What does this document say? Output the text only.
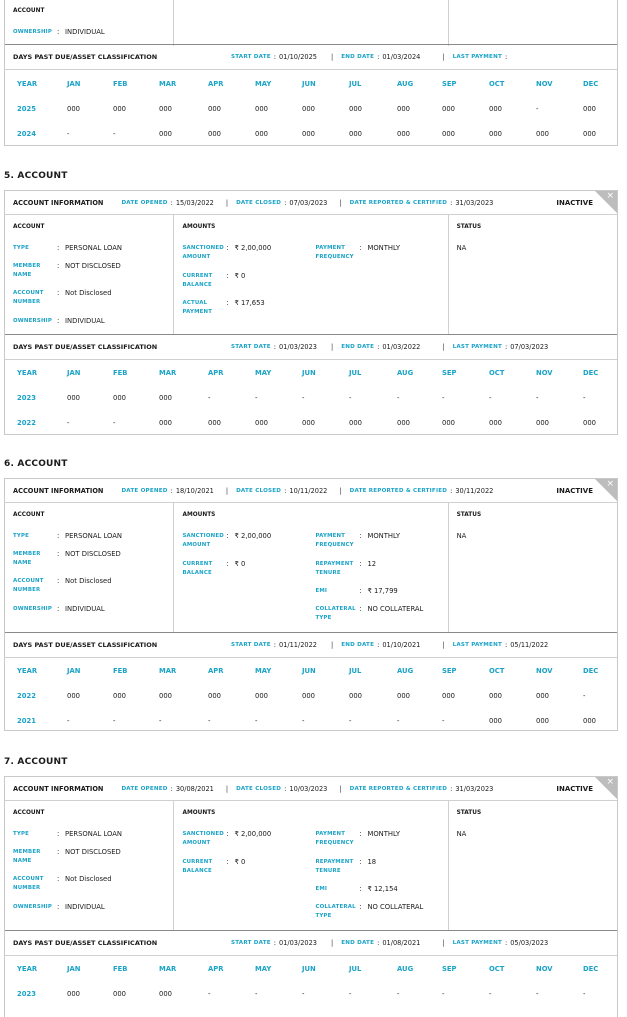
ACCOUNT
OWNERSHIP : INDIVIDUAL
DAYS PAST DUE/ASSET CLASSIFICATION	START DATE : 01/10/2025 | END DATE : 01/03/2024	| LAST PAYMENT :
YEAR	JAN	FEB	MAR	APR	MAY	JUN	JUL	AUG	SEP	OCT	NOV	DEC
2025	000	000	000	000	000	000	000	000	000	000	-	000
2024	-	-	000	000	000	000	000	000	000	000	000	000
5. ACCOUNT
ACCOUNT INFORMATION	DATE OPENED : 15/03/2022 | DATE CLOSED : 07/03/2023 | DATE REPORTED & CERTIFIED : 31/03/2023	INACTIVE
×
ACCOUNT
TYPE	: PERSONAL LOAN
MEMBER NAME
: NOT DISCLOSED
ACCOUNT NUMBER
: Not Disclosed
OWNERSHIP : INDIVIDUAL
AMOUNTS
SANCTIONED AMOUNT
: ₹ 2,00,000
CURRENT BALANCE
: ₹ 0
ACTUAL PAYMENT
: ₹ 17,653
PAYMENT FREQUENCY
: MONTHLY
STATUS
NA
DAYS PAST DUE/ASSET CLASSIFICATION	START DATE : 01/03/2023 | END DATE : 01/03/2022	| LAST PAYMENT : 07/03/2023
YEAR	JAN	FEB	MAR	APR	MAY	JUN	JUL	AUG	SEP	OCT	NOV	DEC
2023	000	000	000	-	-	-	-	-	-	-	-	-
2022	-	-	000	000	000	000	000	000	000	000	000	000
6. ACCOUNT
ACCOUNT INFORMATION	DATE OPENED : 18/10/2021 | DATE CLOSED : 10/11/2022 | DATE REPORTED & CERTIFIED : 30/11/2022	INACTIVE
×
ACCOUNT
TYPE	: PERSONAL LOAN
MEMBER NAME
: NOT DISCLOSED
ACCOUNT NUMBER
: Not Disclosed
OWNERSHIP : INDIVIDUAL
AMOUNTS
SANCTIONED AMOUNT
: ₹ 2,00,000
CURRENT BALANCE
: ₹ 0
PAYMENT FREQUENCY
: MONTHLY
REPAYMENT TENURE
: 12
EMI	: ₹ 17,799
COLLATERAL TYPE
: NO COLLATERAL
STATUS
NA
DAYS PAST DUE/ASSET CLASSIFICATION	START DATE : 01/11/2022 | END DATE : 01/10/2021	| LAST PAYMENT : 05/11/2022
YEAR	JAN	FEB	MAR	APR	MAY	JUN	JUL	AUG	SEP	OCT	NOV	DEC
2022	000	000	000	000	000	000	000	000	000	000	000	-
2021	-	-	-	-	-	-	-	-	-	000	000	000
7. ACCOUNT
ACCOUNT INFORMATION	DATE OPENED : 30/08/2021 | DATE CLOSED : 10/03/2023 | DATE REPORTED & CERTIFIED : 31/03/2023	INACTIVE
×
ACCOUNT
TYPE	: PERSONAL LOAN
MEMBER NAME
: NOT DISCLOSED
ACCOUNT NUMBER
: Not Disclosed
OWNERSHIP : INDIVIDUAL
AMOUNTS
SANCTIONED AMOUNT
: ₹ 2,00,000
CURRENT BALANCE
: ₹ 0
PAYMENT FREQUENCY
: MONTHLY
REPAYMENT TENURE
: 18
EMI	: ₹ 12,154
COLLATERAL TYPE
: NO COLLATERAL
STATUS
NA
DAYS PAST DUE/ASSET CLASSIFICATION	START DATE : 01/03/2023 | END DATE : 01/08/2021	| LAST PAYMENT : 05/03/2023
YEAR	JAN	FEB	MAR	APR	MAY	JUN	JUL	AUG	SEP	OCT	NOV	DEC
2023	000	000	000	-	-	-	-	-	-	-	-	-
